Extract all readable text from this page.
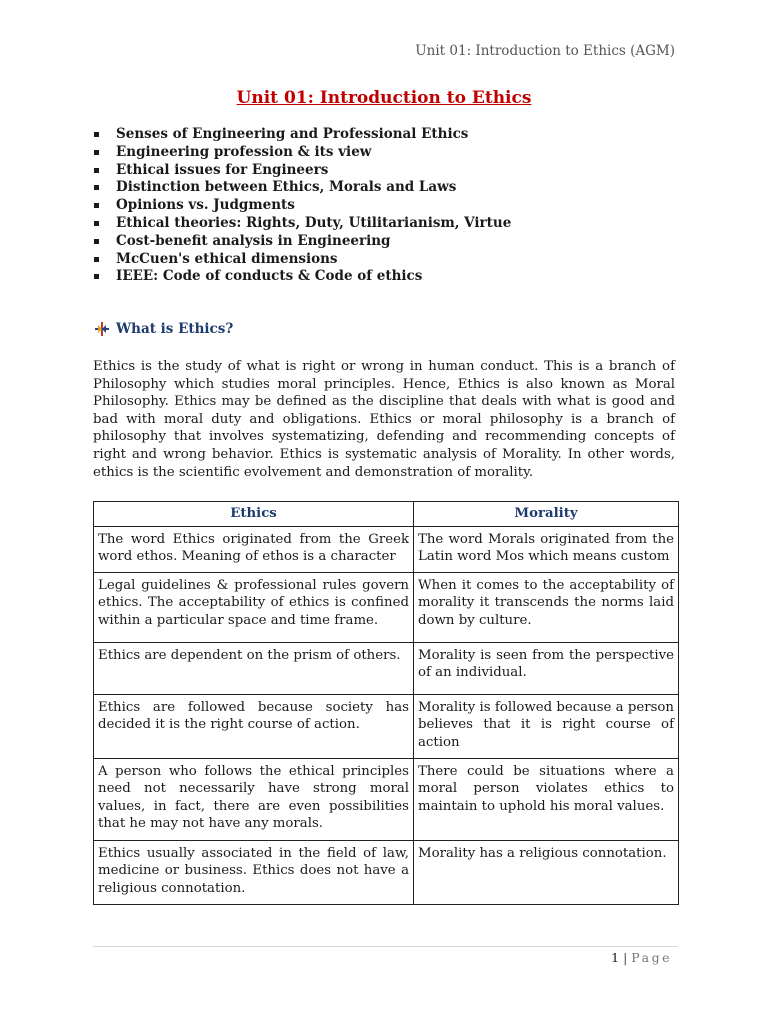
Unit 01: Introduction to Ethics (AGM)
Unit 01: Introduction to Ethics
Senses of Engineering and Professional Ethics
Engineering profession & its view
Ethical issues for Engineers
Distinction between Ethics, Morals and Laws
Opinions vs. Judgments
Ethical theories: Rights, Duty, Utilitarianism, Virtue
Cost-benefit analysis in Engineering
McCuen's ethical dimensions
IEEE: Code of conducts & Code of ethics
What is Ethics?

Ethics is the study of what is right or wrong in human conduct. This is a branch of Philosophy which studies moral principles. Hence, Ethics is also known as Moral Philosophy. Ethics may be defined as the discipline that deals with what is good and bad with moral duty and obligations. Ethics or moral philosophy is a branch of philosophy that involves systematizing, defending and recommending concepts of right and wrong behavior. Ethics is systematic analysis of Morality. In other words, ethics is the scientific evolvement and demonstration of morality.

Ethics	Morality
The word Ethics originated from the Greek word ethos. Meaning of ethos is a character	The word Morals originated from the Latin word Mos which means custom
Legal guidelines & professional rules govern ethics. The acceptability of ethics is confined within a particular space and time frame.	When it comes to the acceptability of morality it transcends the norms laid down by culture.
Ethics are dependent on the prism of others.	Morality is seen from the perspective of an individual.
Ethics are followed because society has decided it is the right course of action.	Morality is followed because a person believes that it is right course of action
A person who follows the ethical principles need not necessarily have strong moral values, in fact, there are even possibilities that he may not have any morals.	There could be situations where a moral person violates ethics to maintain to uphold his moral values.
Ethics usually associated in the field of law, medicine or business. Ethics does not have a religious connotation.	Morality has a religious connotation.
1 | Page
